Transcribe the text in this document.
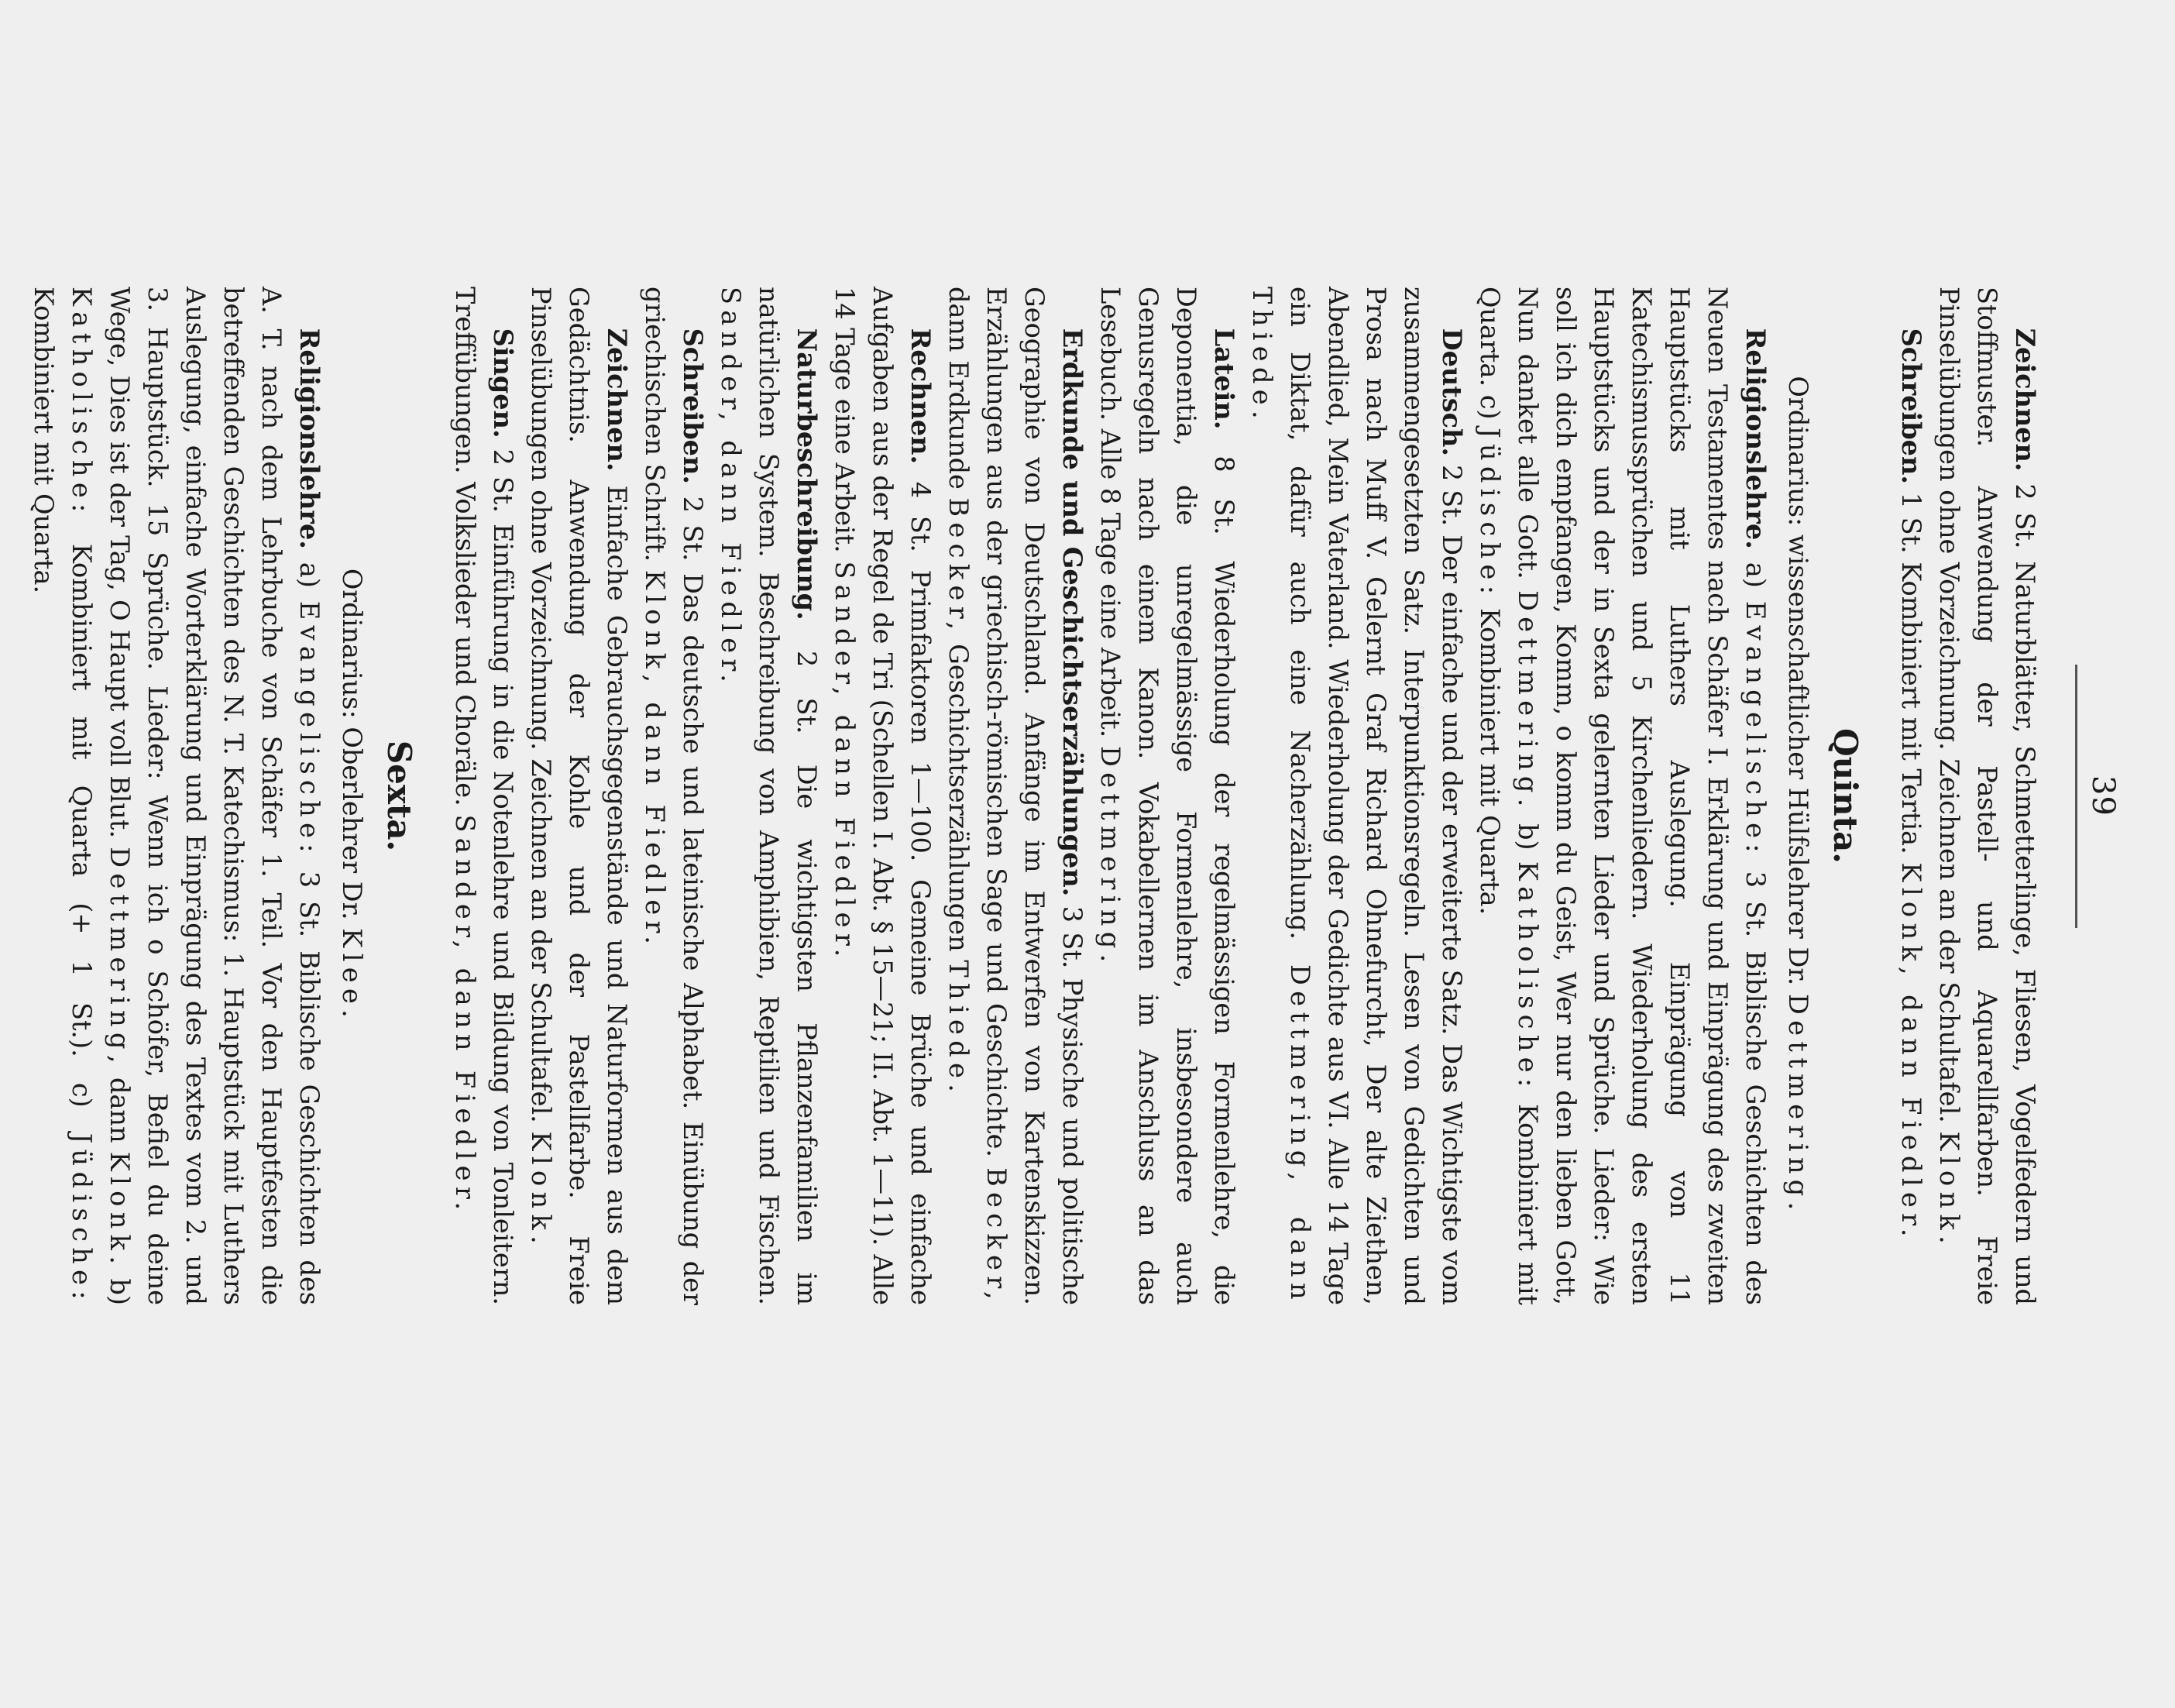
39

Zeichnen. 2 St. Naturblätter, Schmetterlinge, Fliesen, Vogelfedern und Stoffmuster. Anwendung der Pastell- und Aquarellfarben. Freie Pinselübungen ohne Vorzeichnung. Zeichnen an der Schultafel. Klonk.

Schreiben. 1 St. Kombiniert mit Tertia. Klonk, dann Fiedler.

Quinta.
Ordinarius: wissenschaftlicher Hülfslehrer Dr. Dettmering.

Religionslehre. a) Evangelische: 3 St. Biblische Geschichten des Neuen Testamentes nach Schäfer I. Erklärung und Einprägung des zweiten Hauptstücks mit Luthers Auslegung. Einprägung von 11 Katechismussprüchen und 5 Kirchenliedern. Wiederholung des ersten Hauptstücks und der in Sexta gelernten Lieder und Sprüche. Lieder: Wie soll ich dich empfangen, Komm, o komm du Geist, Wer nur den lieben Gott, Nun danket alle Gott. Dettmering. b) Katholische: Kombiniert mit Quarta. c) Jüdische: Kombiniert mit Quarta.

Deutsch. 2 St. Der einfache und der erweiterte Satz. Das Wichtigste vom zusammengesetzten Satz. Interpunktionsregeln. Lesen von Gedichten und Prosa nach Muff V. Gelernt Graf Richard Ohnefurcht, Der alte Ziethen, Abendlied, Mein Vaterland. Wiederholung der Gedichte aus VI. Alle 14 Tage ein Diktat, dafür auch eine Nacherzählung. Dettmering, dann Thiede.

Latein. 8 St. Wiederholung der regelmässigen Formenlehre, die Deponentia, die unregelmässige Formenlehre, insbesondere auch Genusregeln nach einem Kanon. Vokabellernen im Anschluss an das Lesebuch. Alle 8 Tage eine Arbeit. Dettmering.

Erdkunde und Geschichtserzählungen. 3 St. Physische und politische Geographie von Deutschland. Anfänge im Entwerfen von Kartenskizzen. Erzählungen aus der griechisch-römischen Sage und Geschichte. Becker, dann Erdkunde Becker, Geschichtserzählungen Thiede.

Rechnen. 4 St. Primfaktoren 1—100. Gemeine Brüche und einfache Aufgaben aus der Regel de Tri (Schellen I. Abt. § 15—21; II. Abt. 1—11). Alle 14 Tage eine Arbeit. Sander, dann Fiedler.

Naturbeschreibung. 2 St. Die wichtigsten Pflanzenfamilien im natürlichen System. Beschreibung von Amphibien, Reptilien und Fischen. Sander, dann Fiedler.

Schreiben. 2 St. Das deutsche und lateinische Alphabet. Einübung der griechischen Schrift. Klonk, dann Fiedler.

Zeichnen. Einfache Gebrauchsgegenstände und Naturformen aus dem Gedächtnis. Anwendung der Kohle und der Pastellfarbe. Freie Pinselübungen ohne Vorzeichnung. Zeichnen an der Schultafel. Klonk.

Singen. 2 St. Einführung in die Notenlehre und Bildung von Tonleitern. Treffübungen. Volkslieder und Choräle. Sander, dann Fiedler.

Sexta.
Ordinarius: Oberlehrer Dr. Klee.

Religionslehre. a) Evangelische: 3 St. Biblische Geschichten des A. T. nach dem Lehrbuche von Schäfer 1. Teil. Vor den Hauptfesten die betreffenden Geschichten des N. T. Katechismus: 1. Hauptstück mit Luthers Auslegung, einfache Worterklärung und Einprägung des Textes vom 2. und 3. Hauptstück. 15 Sprüche. Lieder: Wenn ich o Schöfer, Befiel du deine Wege, Dies ist der Tag, O Haupt voll Blut. Dettmering, dann Klonk. b) Katholische: Kombiniert mit Quarta (+ 1 St.). c) Jüdische: Kombiniert mit Quarta.
